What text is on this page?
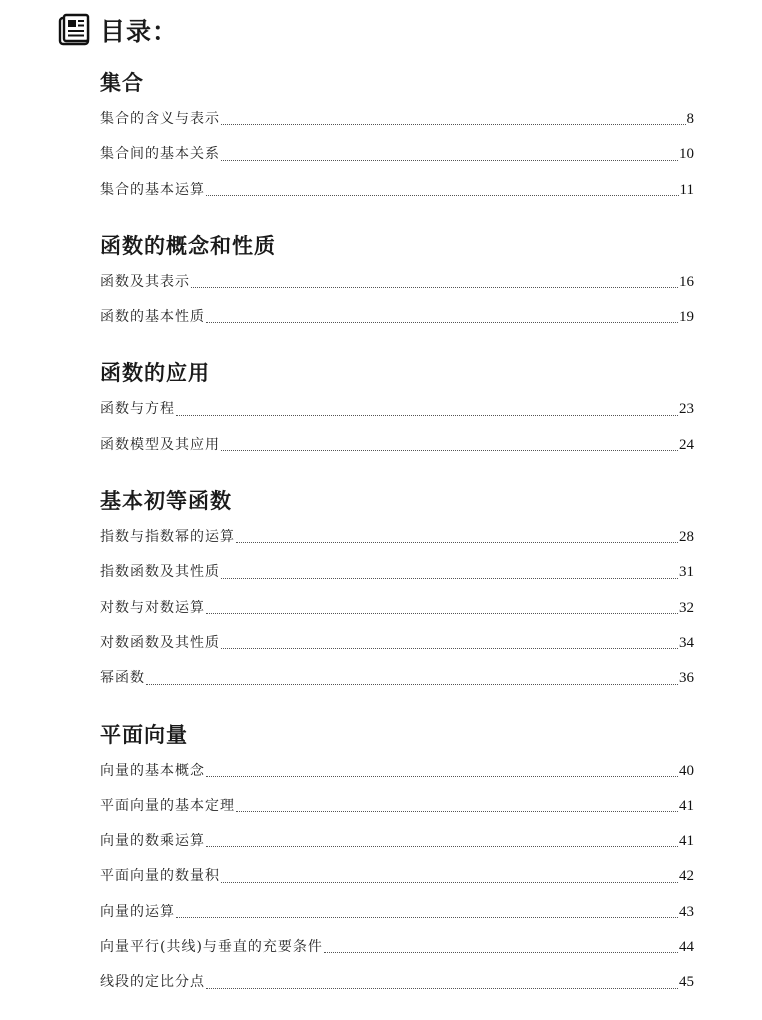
目录：
集合
集合的含义与表示	8
集合间的基本关系	10
集合的基本运算	11
函数的概念和性质
函数及其表示	16
函数的基本性质	19
函数的应用
函数与方程	23
函数模型及其应用	24
基本初等函数
指数与指数幂的运算	28
指数函数及其性质	31
对数与对数运算	32
对数函数及其性质	34
幂函数	36
平面向量
向量的基本概念	40
平面向量的基本定理	41
向量的数乘运算	41
平面向量的数量积	42
向量的运算	43
向量平行(共线)与垂直的充要条件	44
线段的定比分点	45
